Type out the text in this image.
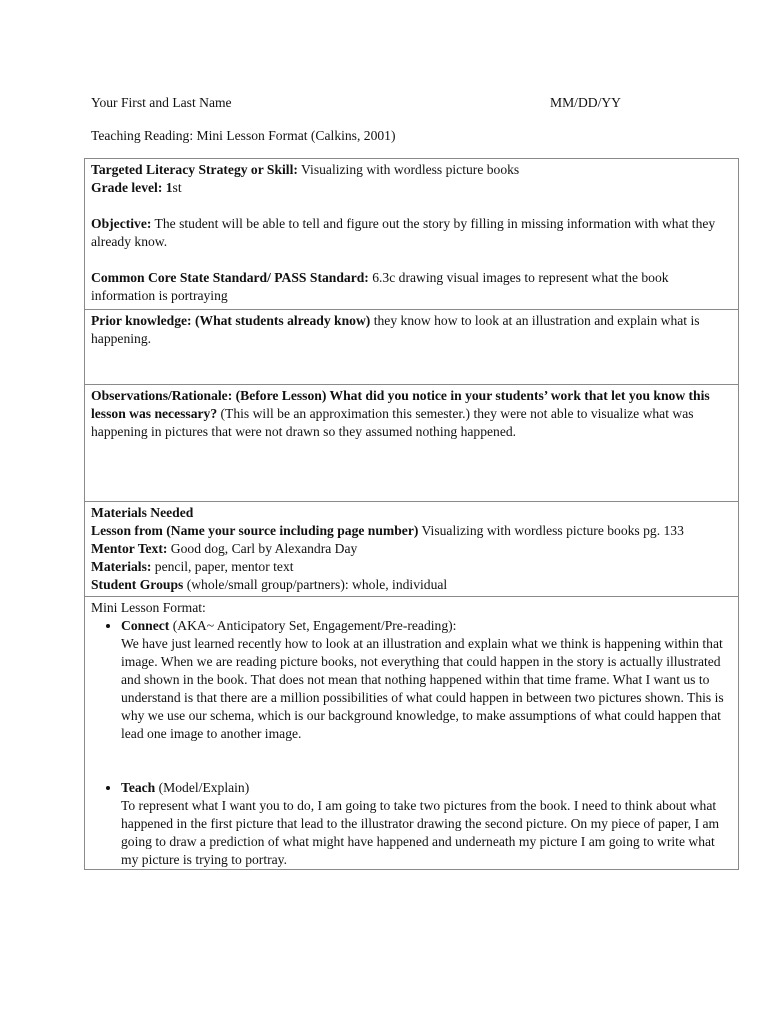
Your First and Last Name	MM/DD/YY
Teaching Reading: Mini Lesson Format (Calkins, 2001)
Targeted Literacy Strategy or Skill: Visualizing with wordless picture books
Grade level: 1st
Objective: The student will be able to tell and figure out the story by filling in missing information with what they already know.
Common Core State Standard/ PASS Standard: 6.3c drawing visual images to represent what the book information is portraying

Prior knowledge: (What students already know) they know how to look at an illustration and explain what is happening.
Observations/Rationale: (Before Lesson) What did you notice in your students’ work that let you know this lesson was necessary? (This will be an approximation this semester.) they were not able to visualize what was happening in pictures that were not drawn so they assumed nothing happened.

Materials Needed
Lesson from (Name your source including page number) Visualizing with wordless picture books pg. 133
Mentor Text: Good dog, Carl by Alexandra Day
Materials: pencil, paper, mentor text
Student Groups (whole/small group/partners): whole, individual

Mini Lesson Format:
• Connect (AKA~ Anticipatory Set, Engagement/Pre-reading):
We have just learned recently how to look at an illustration and explain what we think is happening within that image. When we are reading picture books, not everything that could happen in the story is actually illustrated and shown in the book. That does not mean that nothing happened within that time frame. What I want us to understand is that there are a million possibilities of what could happen in between two pictures shown. This is why we use our schema, which is our background knowledge, to make assumptions of what could happen that lead one image to another image.
• Teach (Model/Explain)
To represent what I want you to do, I am going to take two pictures from the book. I need to think about what happened in the first picture that lead to the illustrator drawing the second picture. On my piece of paper, I am going to draw a prediction of what might have happened and underneath my picture I am going to write what my picture is trying to portray.
